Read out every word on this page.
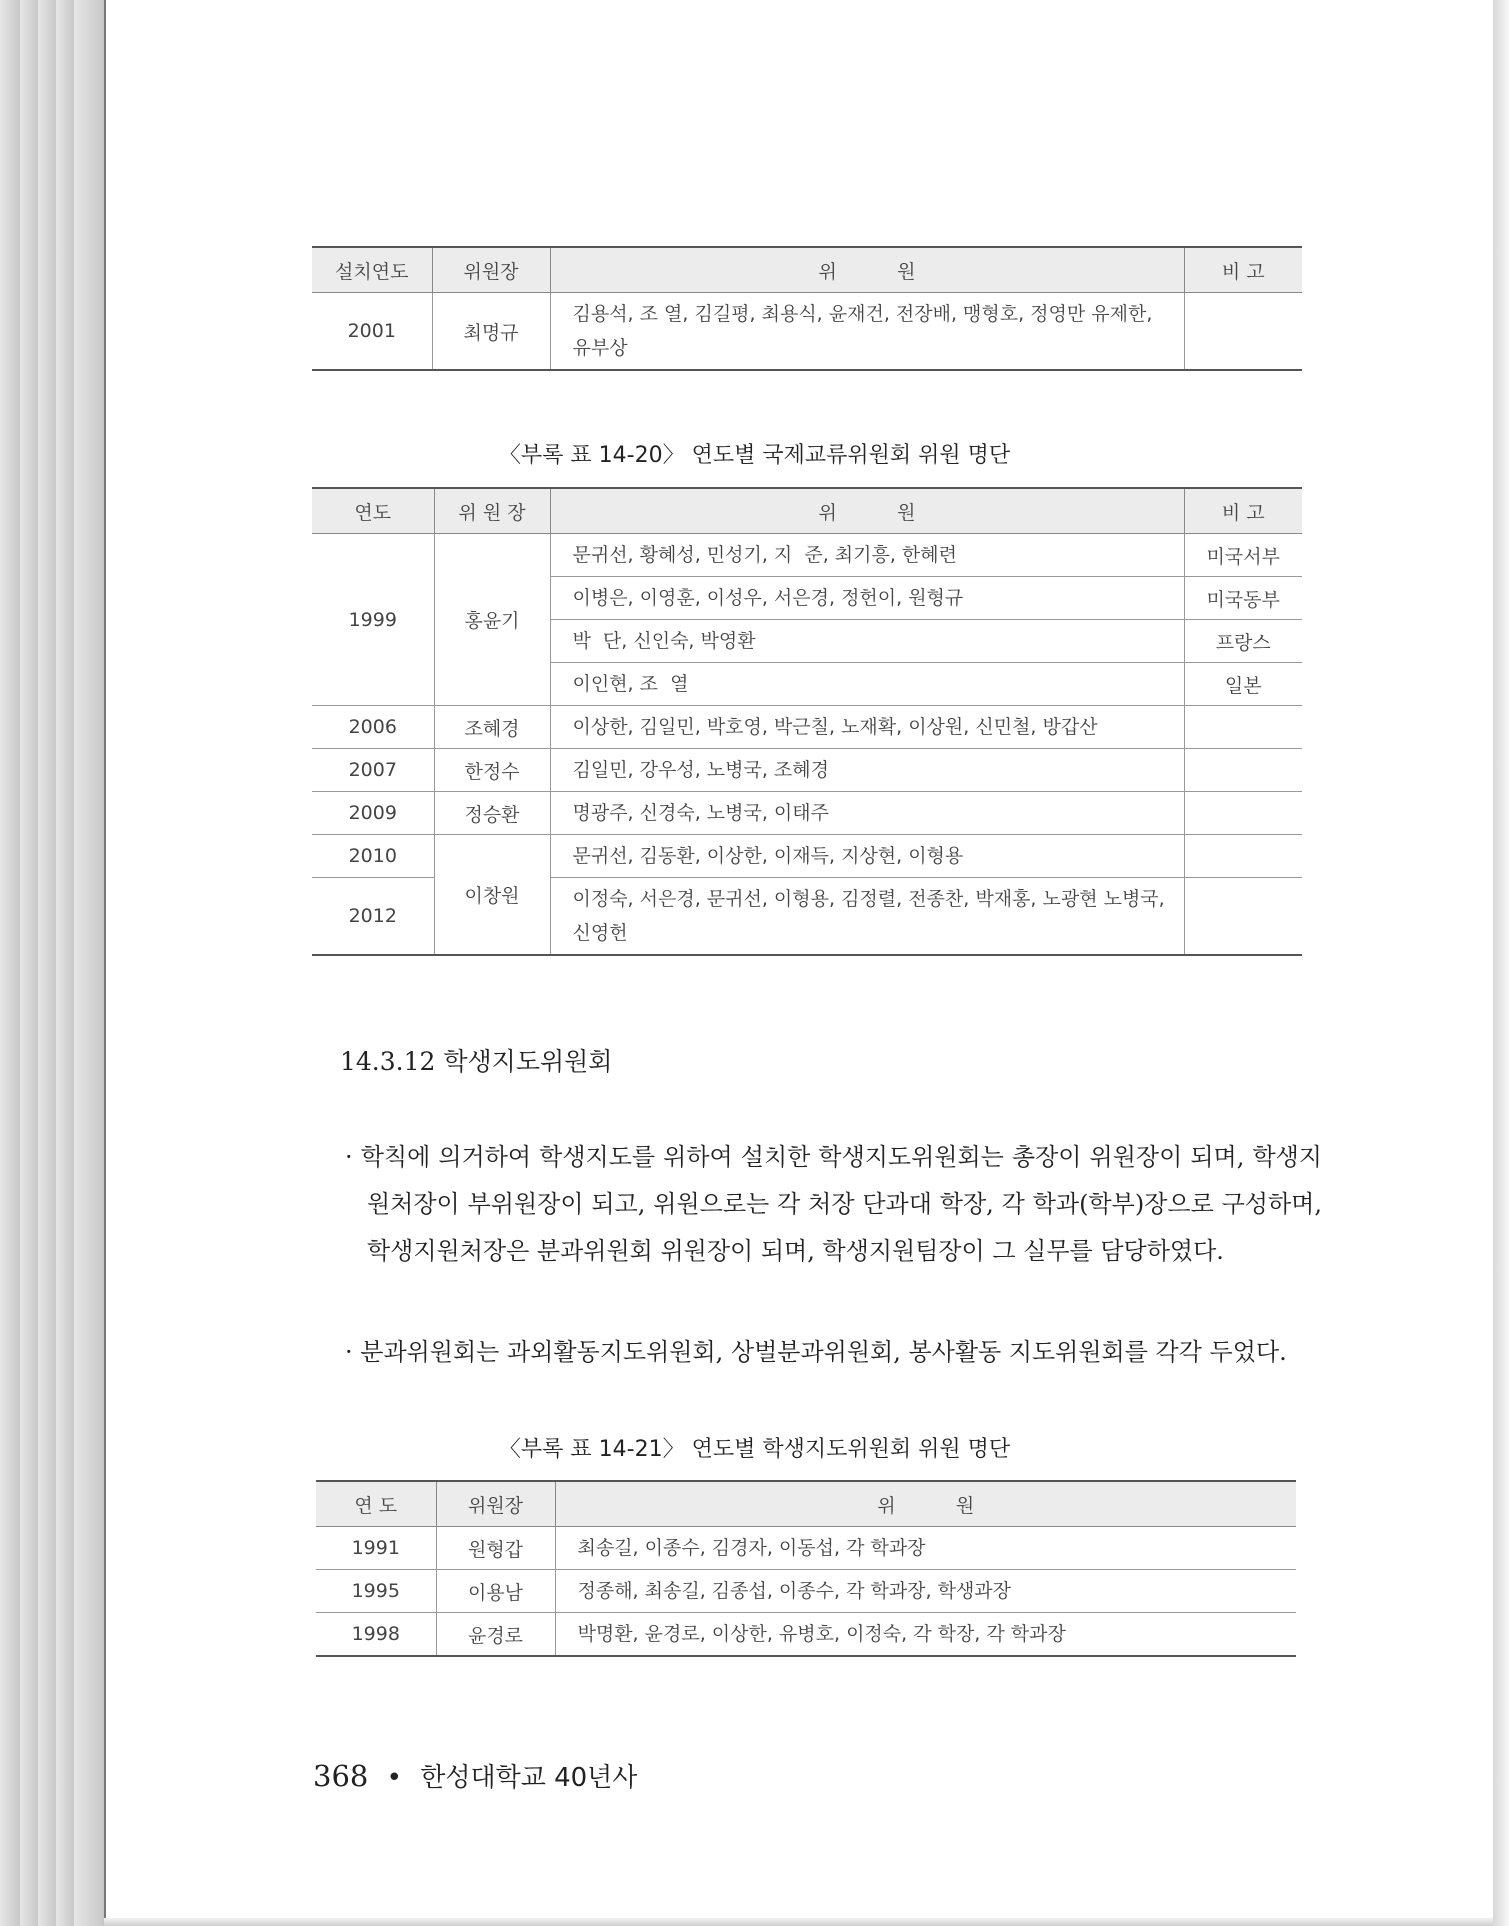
설치연도	위원장	위          원	비 고
2001	최명규	김용석, 조 열, 김길평, 최용식, 윤재건, 전장배, 맹형호, 정영만 유제한, 유부상	
〈부록 표 14-20〉 연도별 국제교류위원회 위원 명단
연도	위 원 장	위          원	비 고
1999	홍윤기	문귀선, 황혜성, 민성기, 지  준, 최기흥, 한혜련	미국서부
		이병은, 이영훈, 이성우, 서은경, 정헌이, 원형규	미국동부
		박  단, 신인숙, 박영환	프랑스
		이인현, 조  열	일본
2006	조혜경	이상한, 김일민, 박호영, 박근칠, 노재확, 이상원, 신민철, 방갑산	
2007	한정수	김일민, 강우성, 노병국, 조혜경	
2009	정승환	명광주, 신경숙, 노병국, 이태주	
2010	이창원	문귀선, 김동환, 이상한, 이재득, 지상현, 이형용	
2012		이정숙, 서은경, 문귀선, 이형용, 김정렬, 전종찬, 박재홍, 노광현 노병국, 신영헌	
14.3.12 학생지도위원회
· 학칙에 의거하여 학생지도를 위하여 설치한 학생지도위원회는 총장이 위원장이 되며, 학생지원처장이 부위원장이 되고, 위원으로는 각 처장 단과대 학장, 각 학과(학부)장으로 구성하며, 학생지원처장은 분과위원회 위원장이 되며, 학생지원팀장이 그 실무를 담당하였다.
· 분과위원회는 과외활동지도위원회, 상벌분과위원회, 봉사활동 지도위원회를 각각 두었다.
〈부록 표 14-21〉 연도별 학생지도위원회 위원 명단
연 도	위원장	위          원
1991	원형갑	최송길, 이종수, 김경자, 이동섭, 각 학과장
1995	이용남	정종해, 최송길, 김종섭, 이종수, 각 학과장, 학생과장
1998	윤경로	박명환, 윤경로, 이상한, 유병호, 이정숙, 각 학장, 각 학과장
368 • 한성대학교 40년사
